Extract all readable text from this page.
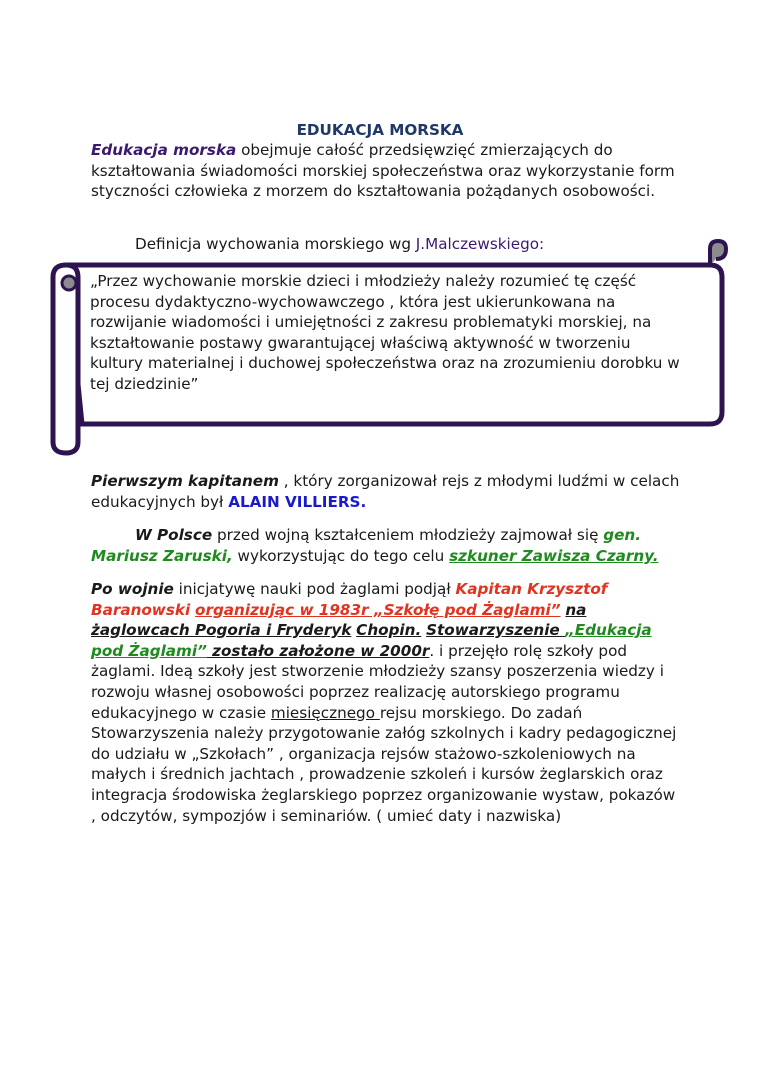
EDUKACJA MORSKA

Edukacja morska obejmuje całość przedsięwzięć zmierzających do kształtowania świadomości morskiej społeczeństwa oraz wykorzystanie form styczności człowieka z morzem do kształtowania pożądanych osobowości.

Definicja wychowania morskiego wg J.Malczewskiego:

„Przez wychowanie morskie dzieci i młodzieży należy rozumieć tę część procesu dydaktyczno-wychowawczego , która jest ukierunkowana na rozwijanie wiadomości i umiejętności z zakresu problematyki morskiej, na kształtowanie postawy gwarantującej właściwą aktywność w tworzeniu kultury materialnej i duchowej społeczeństwa oraz na zrozumieniu dorobku w tej dziedzinie”

Pierwszym kapitanem , który zorganizował rejs z młodymi ludźmi w celach edukacyjnych był ALAIN VILLIERS.

W Polsce przed wojną kształceniem młodzieży zajmował się gen. Mariusz Zaruski, wykorzystując do tego celu szkuner Zawisza Czarny.

Po wojnie inicjatywę nauki pod żaglami podjął Kapitan Krzysztof Baranowski organizując w 1983r „Szkołę pod Żaglami” na żaglowcach Pogoria i Fryderyk Chopin. Stowarzyszenie „Edukacja pod Żaglami” zostało założone w 2000r. i przejęło rolę szkoły pod żaglami. Ideą szkoły jest stworzenie młodzieży szansy poszerzenia wiedzy i rozwoju własnej osobowości poprzez realizację autorskiego programu edukacyjnego w czasie miesięcznego rejsu morskiego. Do zadań Stowarzyszenia należy przygotowanie załóg szkolnych i kadry pedagogicznej do udziału w „Szkołach” , organizacja rejsów stażowo-szkoleniowych na małych i średnich jachtach , prowadzenie szkoleń i kursów żeglarskich oraz integracja środowiska żeglarskiego poprzez organizowanie wystaw, pokazów , odczytów, sympozjów i seminariów. ( umieć daty i nazwiska)
